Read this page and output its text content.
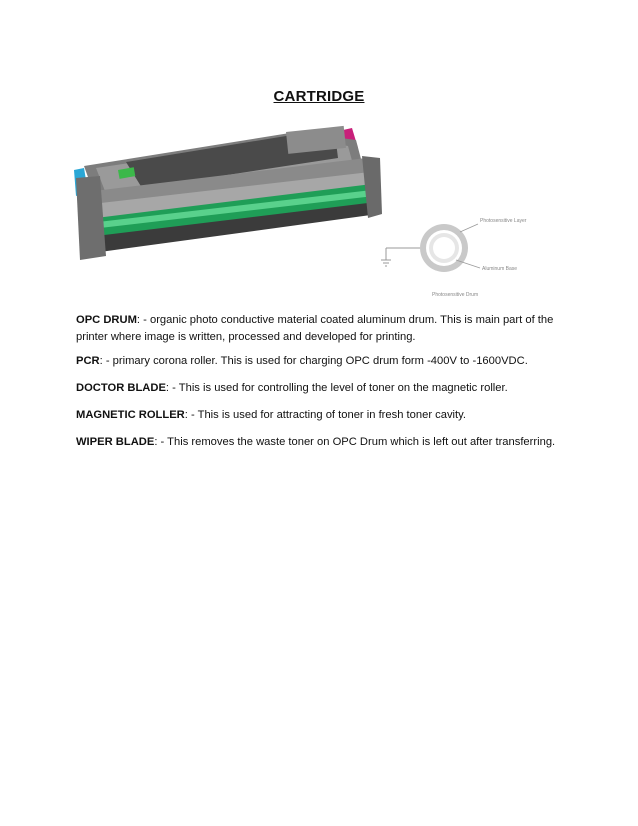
CARTRIDGE
Photosensitive Layer
Aluminum Base
Photosensitive Drum
OPC DRUM: - organic photo conductive material coated aluminum drum. This is main part of the printer where image is written, processed and developed for printing.
PCR: - primary corona roller. This is used for charging OPC drum form -400V to -1600VDC.
DOCTOR BLADE: - This is used for controlling the level of toner on the magnetic roller.
MAGNETIC ROLLER: - This is used for attracting of toner in fresh toner cavity.
WIPER BLADE: - This removes the waste toner on OPC Drum which is left out after transferring.
